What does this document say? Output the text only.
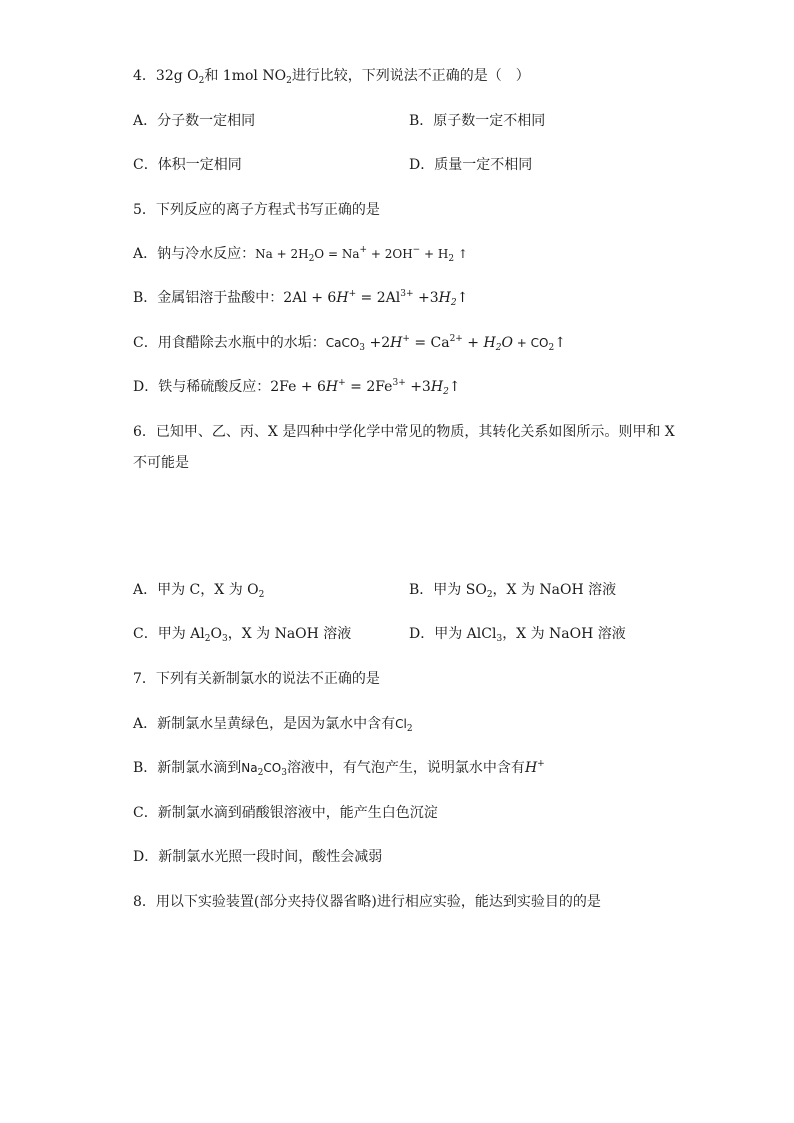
4．32g $O_2$和 1mol $NO_2$进行比较，下列说法不正确的是（　）
A．分子数一定相同	B．原子数一定不相同
C．体积一定相同	D．质量一定不相同
5．下列反应的离子方程式书写正确的是
A．钠与冷水反应：$Na + 2H_2O = Na^+ + 2OH^- + H_2$ ↑
B．金属铝溶于盐酸中：$2Al + 6H^+ = 2Al^{3+}$ $+3H_2↑$
C．用食醋除去水瓶中的水垢：CaCO$_3$ $+2H^+ = Ca^{2+} + H_2O$ + $CO_2↑$
D．铁与稀硫酸反应：$2Fe + 6H^+ = 2Fe^{3+}$ $+3H_2↑$
6．已知甲、乙、丙、X 是四种中学化学中常见的物质，其转化关系如图所示。则甲和 X
不可能是
A．甲为 C，X 为 $O_2$	B．甲为 $SO_2$，X 为 NaOH 溶液
C．甲为 $Al_2O_3$，X 为 NaOH 溶液	D．甲为 AlCl$_3$，X 为 NaOH 溶液
7．下列有关新制氯水的说法不正确的是
A．新制氯水呈黄绿色，是因为氯水中含有$Cl_2$
B．新制氯水滴到$Na_2CO_3$溶液中，有气泡产生，说明氯水中含有H+
C．新制氯水滴到硝酸银溶液中，能产生白色沉淀
D．新制氯水光照一段时间，酸性会减弱
8．用以下实验装置(部分夹持仪器省略)进行相应实验，能达到实验目的的是
